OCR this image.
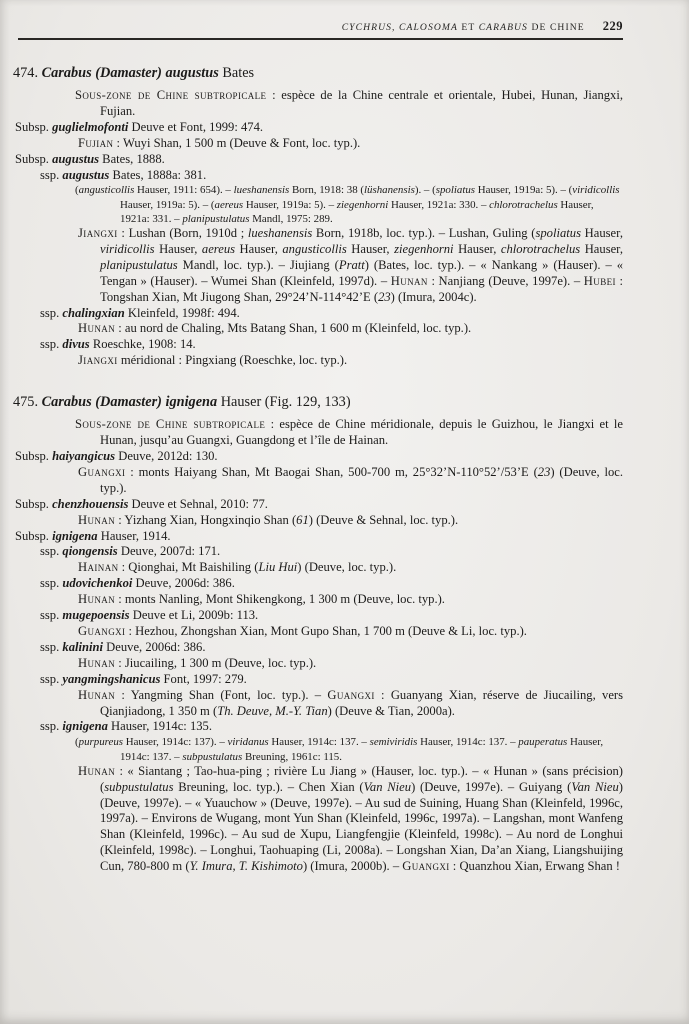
CYCHRUS, CALOSOMA ET CARABUS DE CHINE 229

474. Carabus (Damaster) augustus Bates

Sous-zone de Chine subtropicale : espèce de la Chine centrale et orientale, Hubei, Hunan, Jiangxi, Fujian.

Subsp. guglielmofonti Deuve et Font, 1999: 474.

Fujian : Wuyi Shan, 1 500 m (Deuve & Font, loc. typ.).

Subsp. augustus Bates, 1888.

ssp. augustus Bates, 1888a: 381.

(angusticollis Hauser, 1911: 654). – lueshanensis Born, 1918: 38 (lüshanensis). – (spoliatus Hauser, 1919a: 5). – (viridicollis Hauser, 1919a: 5). – (aereus Hauser, 1919a: 5). – ziegenhorni Hauser, 1921a: 330. – chlorotrachelus Hauser, 1921a: 331. – planipustulatus Mandl, 1975: 289.

Jiangxi : Lushan (Born, 1910d ; lueshanensis Born, 1918b, loc. typ.). – Lushan, Guling (spoliatus Hauser, viridicollis Hauser, aereus Hauser, angusticollis Hauser, ziegenhorni Hauser, chlorotrachelus Hauser, planipustulatus Mandl, loc. typ.). – Jiujiang (Pratt) (Bates, loc. typ.). – « Nankang » (Hauser). – « Tengan » (Hauser). – Wumei Shan (Kleinfeld, 1997d). – Hunan : Nanjiang (Deuve, 1997e). – Hubei : Tongshan Xian, Mt Jiugong Shan, 29°24’N-114°42’E (23) (Imura, 2004c).

ssp. chalingxian Kleinfeld, 1998f: 494.

Hunan : au nord de Chaling, Mts Batang Shan, 1 600 m (Kleinfeld, loc. typ.).

ssp. divus Roeschke, 1908: 14.

Jiangxi méridional : Pingxiang (Roeschke, loc. typ.).

475. Carabus (Damaster) ignigena Hauser (Fig. 129, 133)

Sous-zone de Chine subtropicale : espèce de Chine méridionale, depuis le Guizhou, le Jiangxi et le Hunan, jusqu’au Guangxi, Guangdong et l’île de Hainan.

Subsp. haiyangicus Deuve, 2012d: 130.

Guangxi : monts Haiyang Shan, Mt Baogai Shan, 500-700 m, 25°32’N-110°52’/53’E (23) (Deuve, loc. typ.).

Subsp. chenzhouensis Deuve et Sehnal, 2010: 77.

Hunan : Yizhang Xian, Hongxinqio Shan (61) (Deuve & Sehnal, loc. typ.).

Subsp. ignigena Hauser, 1914.

ssp. qiongensis Deuve, 2007d: 171.

Hainan : Qionghai, Mt Baishiling (Liu Hui) (Deuve, loc. typ.).

ssp. udovichenkoi Deuve, 2006d: 386.

Hunan : monts Nanling, Mont Shikengkong, 1 300 m (Deuve, loc. typ.).

ssp. mugepoensis Deuve et Li, 2009b: 113.

Guangxi : Hezhou, Zhongshan Xian, Mont Gupo Shan, 1 700 m (Deuve & Li, loc. typ.).

ssp. kalinini Deuve, 2006d: 386.

Hunan : Jiucailing, 1 300 m (Deuve, loc. typ.).

ssp. yangmingshanicus Font, 1997: 279.

Hunan : Yangming Shan (Font, loc. typ.). – Guangxi : Guanyang Xian, réserve de Jiucailing, vers Qianjiadong, 1 350 m (Th. Deuve, M.-Y. Tian) (Deuve & Tian, 2000a).

ssp. ignigena Hauser, 1914c: 135.

(purpureus Hauser, 1914c: 137). – viridanus Hauser, 1914c: 137. – semiviridis Hauser, 1914c: 137. – pauperatus Hauser, 1914c: 137. – subpustulatus Breuning, 1961c: 115.

Hunan : « Siantang ; Tao-hua-ping ; rivière Lu Jiang » (Hauser, loc. typ.). – « Hunan » (sans précision) (subpustulatus Breuning, loc. typ.). – Chen Xian (Van Nieu) (Deuve, 1997e). – Guiyang (Van Nieu) (Deuve, 1997e). – « Yuauchow » (Deuve, 1997e). – Au sud de Suining, Huang Shan (Kleinfeld, 1996c, 1997a). – Environs de Wugang, mont Yun Shan (Kleinfeld, 1996c, 1997a). – Langshan, mont Wanfeng Shan (Kleinfeld, 1996c). – Au sud de Xupu, Liangfengjie (Kleinfeld, 1998c). – Au nord de Longhui (Kleinfeld, 1998c). – Longhui, Taohuaping (Li, 2008a). – Longshan Xian, Da’an Xiang, Liangshuijing Cun, 780-800 m (Y. Imura, T. Kishimoto) (Imura, 2000b). – Guangxi : Quanzhou Xian, Erwang Shan !
